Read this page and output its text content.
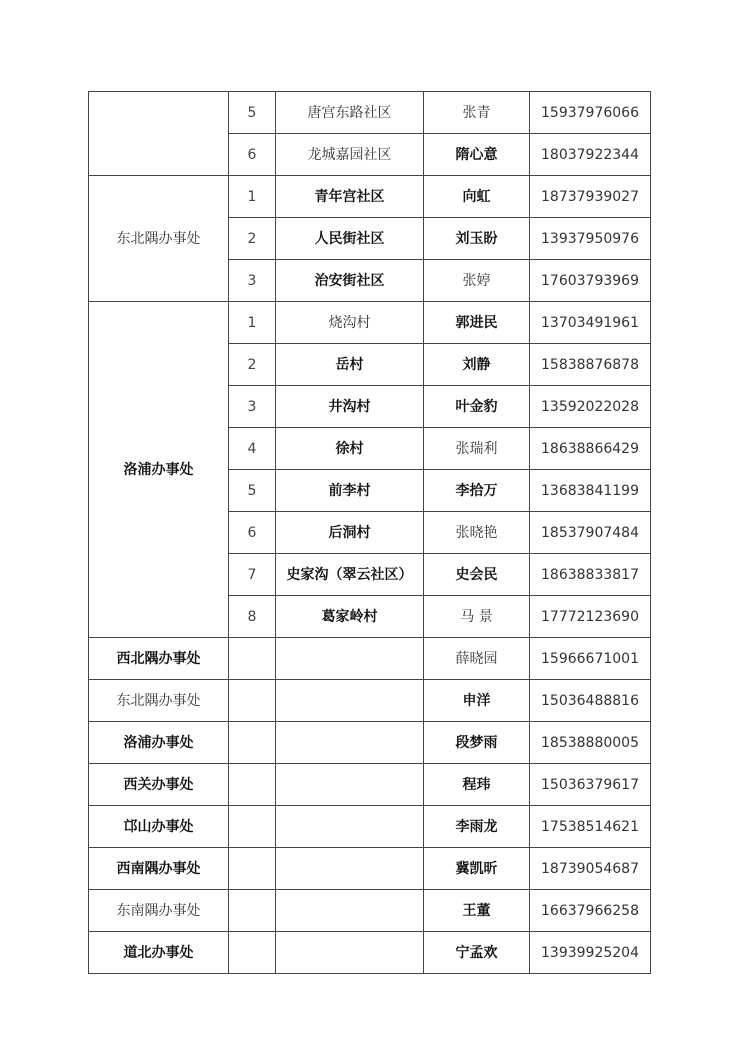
	5	唐宫东路社区	张青	15937976066
	6	龙城嘉园社区	隋心意	18037922344
东北隅办事处	1	青年宫社区	向虹	18737939027
	2	人民街社区	刘玉盼	13937950976
	3	治安街社区	张婷	17603793969
洛浦办事处	1	烧沟村	郭进民	13703491961
	2	岳村	刘静	15838876878
	3	井沟村	叶金豹	13592022028
	4	徐村	张瑞利	18638866429
	5	前李村	李拾万	13683841199
	6	后洞村	张晓艳	18537907484
	7	史家沟（翠云社区）	史会民	18638833817
	8	葛家岭村	马 景	17772123690
西北隅办事处			薛晓园	15966671001
东北隅办事处			申洋	15036488816
洛浦办事处			段梦雨	18538880005
西关办事处			程玮	15036379617
邙山办事处			李雨龙	17538514621
西南隅办事处			冀凯昕	18739054687
东南隅办事处			王董	16637966258
道北办事处			宁孟欢	13939925204
